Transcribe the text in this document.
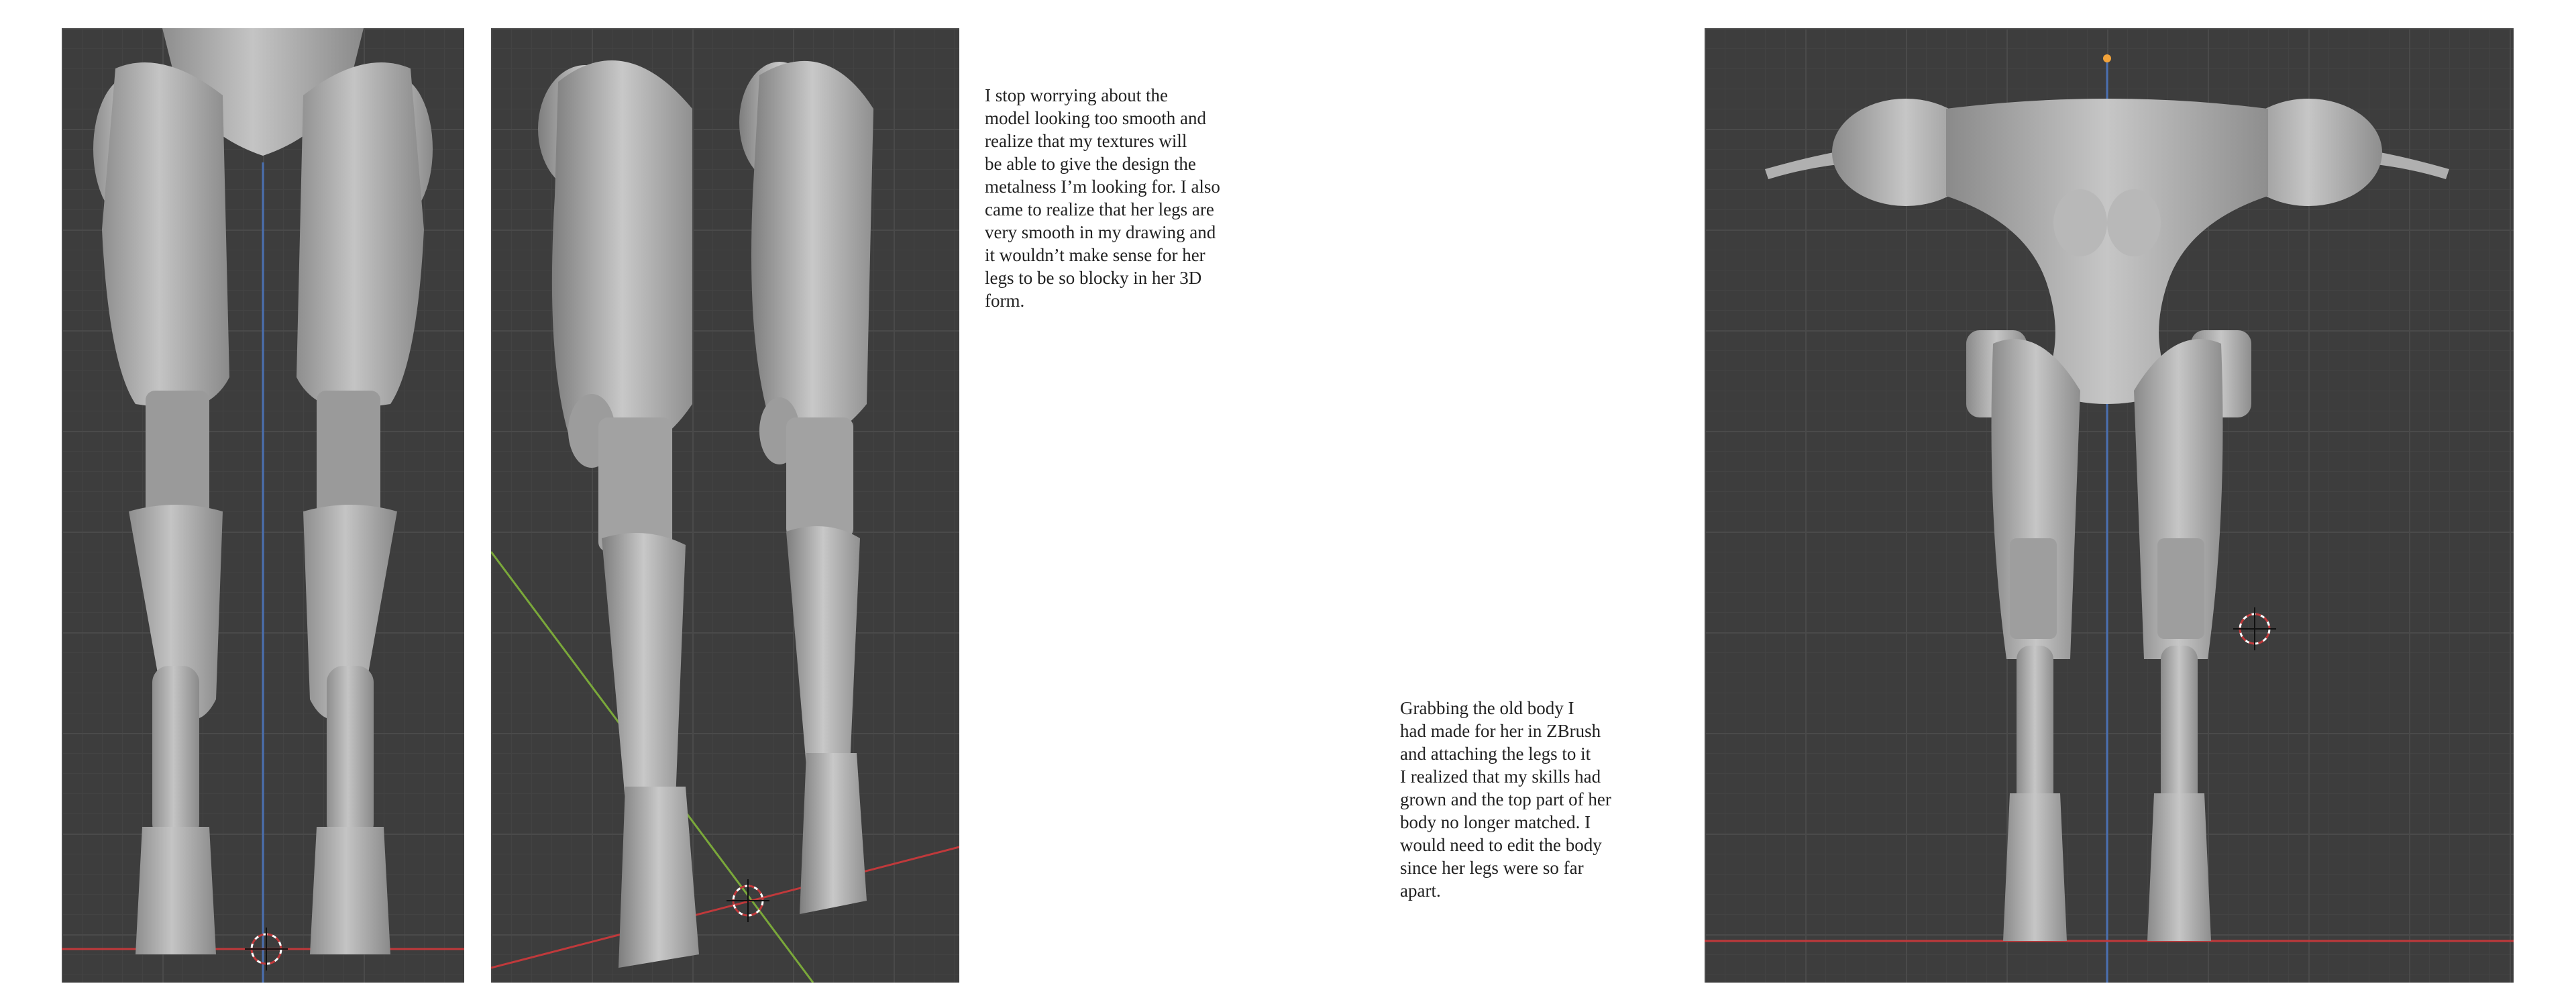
I stop worrying about the
model looking too smooth and
realize that my textures will
be able to give the design the
metalness I’m looking for. I also
came to realize that her legs are
very smooth in my drawing and
it wouldn’t make sense for her
legs to be so blocky in her 3D
form.

Grabbing the old body I
had made for her in ZBrush
and attaching the legs to it
I realized that my skills had
grown and the top part of her
body no longer matched. I
would need to edit the body
since her legs were so far
apart.
